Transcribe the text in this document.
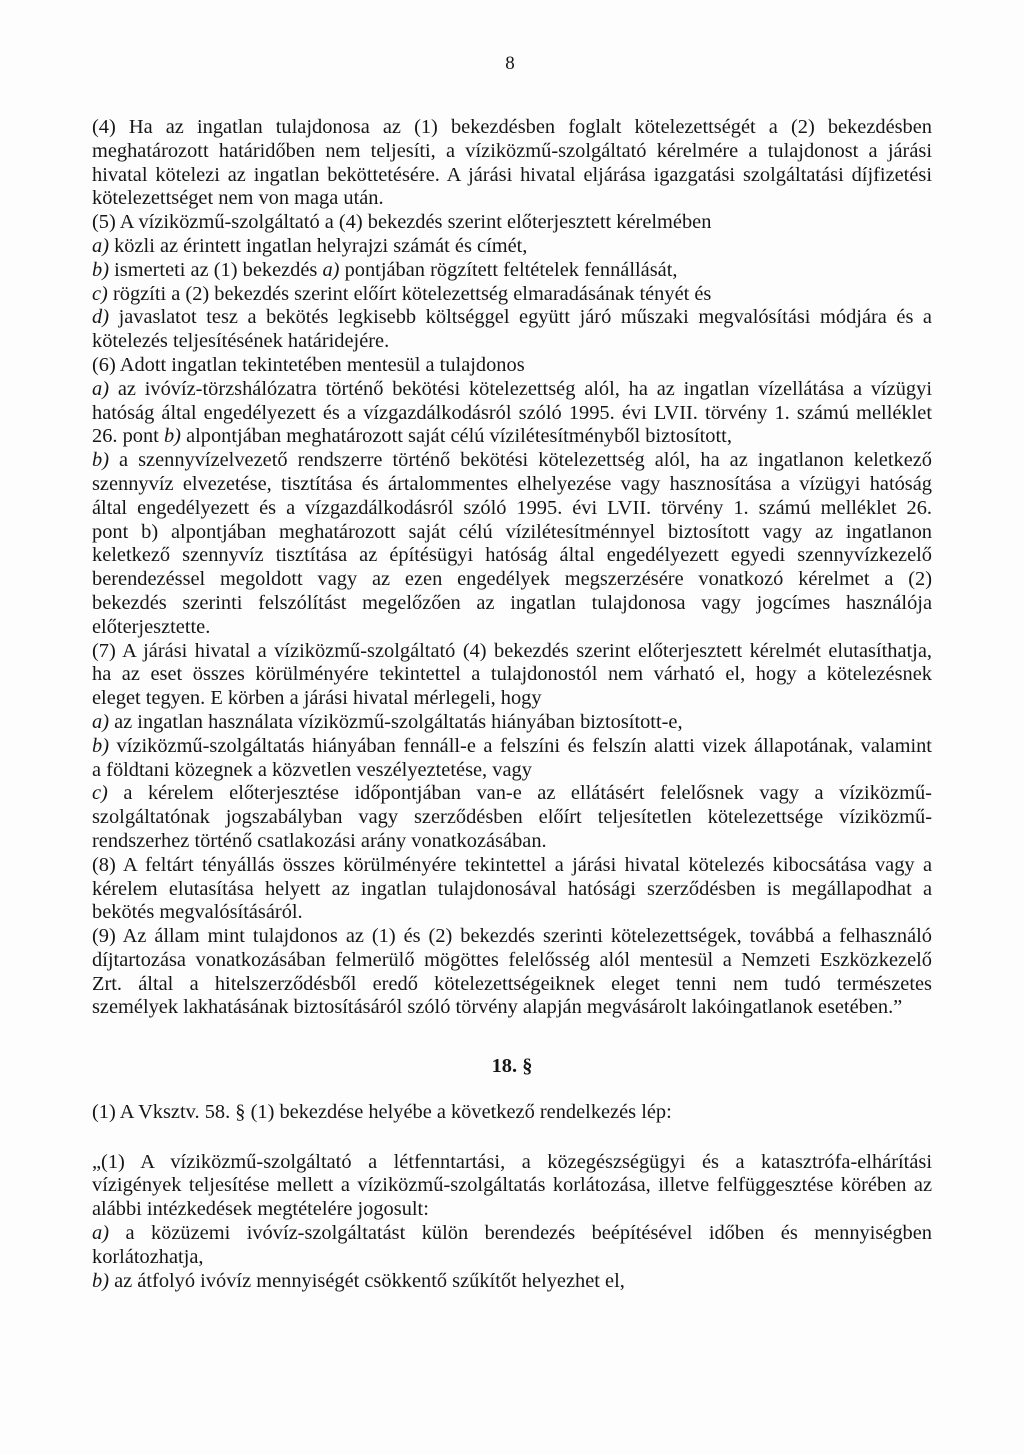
8
(4) Ha az ingatlan tulajdonosa az (1) bekezdésben foglalt kötelezettségét a (2) bekezdésben
meghatározott határidőben nem teljesíti, a víziközmű-szolgáltató kérelmére a tulajdonost a járási
hivatal kötelezi az ingatlan beköttetésére. A járási hivatal eljárása igazgatási szolgáltatási díjfizetési
kötelezettséget nem von maga után.
(5) A víziközmű-szolgáltató a (4) bekezdés szerint előterjesztett kérelmében
a) közli az érintett ingatlan helyrajzi számát és címét,
b) ismerteti az (1) bekezdés a) pontjában rögzített feltételek fennállását,
c) rögzíti a (2) bekezdés szerint előírt kötelezettség elmaradásának tényét és
d) javaslatot tesz a bekötés legkisebb költséggel együtt járó műszaki megvalósítási módjára és a
kötelezés teljesítésének határidejére.
(6) Adott ingatlan tekintetében mentesül a tulajdonos
a) az ivóvíz-törzshálózatra történő bekötési kötelezettség alól, ha az ingatlan vízellátása a vízügyi
hatóság által engedélyezett és a vízgazdálkodásról szóló 1995. évi LVII. törvény 1. számú melléklet
26. pont b) alpontjában meghatározott saját célú vízilétesítményből biztosított,
b) a szennyvízelvezető rendszerre történő bekötési kötelezettség alól, ha az ingatlanon keletkező
szennyvíz elvezetése, tisztítása és ártalommentes elhelyezése vagy hasznosítása a vízügyi hatóság
által engedélyezett és a vízgazdálkodásról szóló 1995. évi LVII. törvény 1. számú melléklet 26.
pont b) alpontjában meghatározott saját célú vízilétesítménnyel biztosított vagy az ingatlanon
keletkező szennyvíz tisztítása az építésügyi hatóság által engedélyezett egyedi szennyvízkezelő
berendezéssel megoldott vagy az ezen engedélyek megszerzésére vonatkozó kérelmet a (2)
bekezdés szerinti felszólítást megelőzően az ingatlan tulajdonosa vagy jogcímes használója
előterjesztette.
(7) A járási hivatal a víziközmű-szolgáltató (4) bekezdés szerint előterjesztett kérelmét elutasíthatja,
ha az eset összes körülményére tekintettel a tulajdonostól nem várható el, hogy a kötelezésnek
eleget tegyen. E körben a járási hivatal mérlegeli, hogy
a) az ingatlan használata víziközmű-szolgáltatás hiányában biztosított-e,
b) víziközmű-szolgáltatás hiányában fennáll-e a felszíni és felszín alatti vizek állapotának, valamint
a földtani közegnek a közvetlen veszélyeztetése, vagy
c) a kérelem előterjesztése időpontjában van-e az ellátásért felelősnek vagy a víziközmű-
szolgáltatónak jogszabályban vagy szerződésben előírt teljesítetlen kötelezettsége víziközmű-
rendszerhez történő csatlakozási arány vonatkozásában.
(8) A feltárt tényállás összes körülményére tekintettel a járási hivatal kötelezés kibocsátása vagy a
kérelem elutasítása helyett az ingatlan tulajdonosával hatósági szerződésben is megállapodhat a
bekötés megvalósításáról.
(9) Az állam mint tulajdonos az (1) és (2) bekezdés szerinti kötelezettségek, továbbá a felhasználó
díjtartozása vonatkozásában felmerülő mögöttes felelősség alól mentesül a Nemzeti Eszközkezelő
Zrt. által a hitelszerződésből eredő kötelezettségeiknek eleget tenni nem tudó természetes
személyek lakhatásának biztosításáról szóló törvény alapján megvásárolt lakóingatlanok esetében.”
18. §
(1) A Vksztv. 58. § (1) bekezdése helyébe a következő rendelkezés lép:
„(1) A víziközmű-szolgáltató a létfenntartási, a közegészségügyi és a katasztrófa-elhárítási
vízigények teljesítése mellett a víziközmű-szolgáltatás korlátozása, illetve felfüggesztése körében az
alábbi intézkedések megtételére jogosult:
a) a közüzemi ivóvíz-szolgáltatást külön berendezés beépítésével időben és mennyiségben
korlátozhatja,
b) az átfolyó ivóvíz mennyiségét csökkentő szűkítőt helyezhet el,
